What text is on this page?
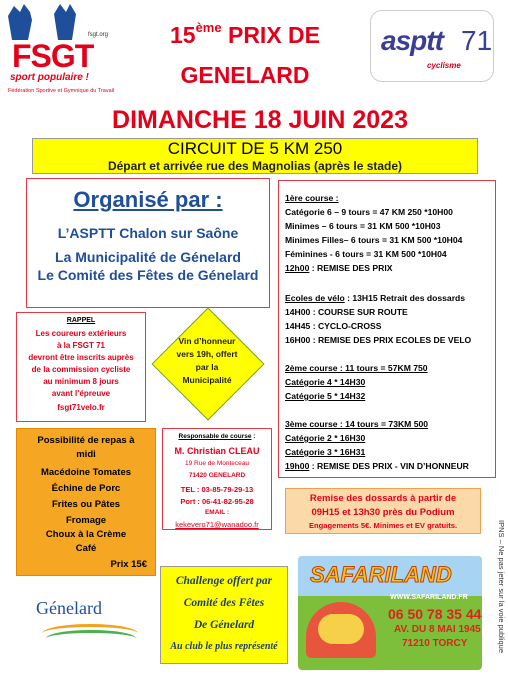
fsgt.org
FSGT
sport populaire !
Fédération Sportive et Gymnique du Travail
asptt 71
cyclisme
15ème PRIX DE
GENELARD
DIMANCHE 18 JUIN 2023
CIRCUIT DE 5 KM 250
Départ et arrivée rue des Magnolias (après le stade)
Organisé par :
L’ASPTT Chalon sur Saône
La Municipalité de Génelard
Le Comité des Fêtes de Génelard
1ère course :
Catégorie 6 – 9 tours = 47 KM 250 *10H00
Minimes – 6 tours = 31 KM 500 *10H03
Minimes Filles– 6 tours = 31 KM 500 *10H04
Féminines - 6 tours = 31 KM 500 *10H04
12h00 : REMISE DES PRIX
Ecoles de vélo : 13H15 Retrait des dossards
14H00 : COURSE SUR ROUTE
14H45 : CYCLO-CROSS
16H00 : REMISE DES PRIX ECOLES DE VELO
2ème course : 11 tours = 57KM 750
Catégorie 4 * 14H30
Catégorie 5 * 14H32
3ème course : 14 tours = 73KM 500
Catégorie 2 * 16H30
Catégorie 3 * 16H31
19h00 : REMISE DES PRIX - VIN D’HONNEUR
RAPPEL
Les coureurs extérieurs
à la FSGT 71
devront être inscrits auprès
de la commission cycliste
au minimum 8 jours
avant l’épreuve
fsgt71velo.fr
Vin d’honneur
vers 19h, offert
par la
Municipalité
Possibilité de repas à
midi
Macédoine Tomates
Échine de Porc
Frites ou Pâtes
Fromage
Choux à la Crème
Café
Prix 15€
Responsable de course :
M. Christian CLEAU
19 Rue de Monteceau
71420 GENELARD
TEL : 03-85-79-29-13
Port : 06-41-82-95-28
EMAIL :
kekevero71@wanadoo.fr
Remise des dossards à partir de
09H15 et 13h30 près du Podium
Engagements 5€. Minimes et EV gratuits.
Challenge offert par
Comité des Fêtes
De Génelard
Au club le plus représenté
SAFARILAND
WWW.SAFARILAND.FR
06 50 78 35 44
AV. DU 8 MAI 1945
71210 TORCY
Génelard	IPNS – Ne pas jeter sur la voie publique
